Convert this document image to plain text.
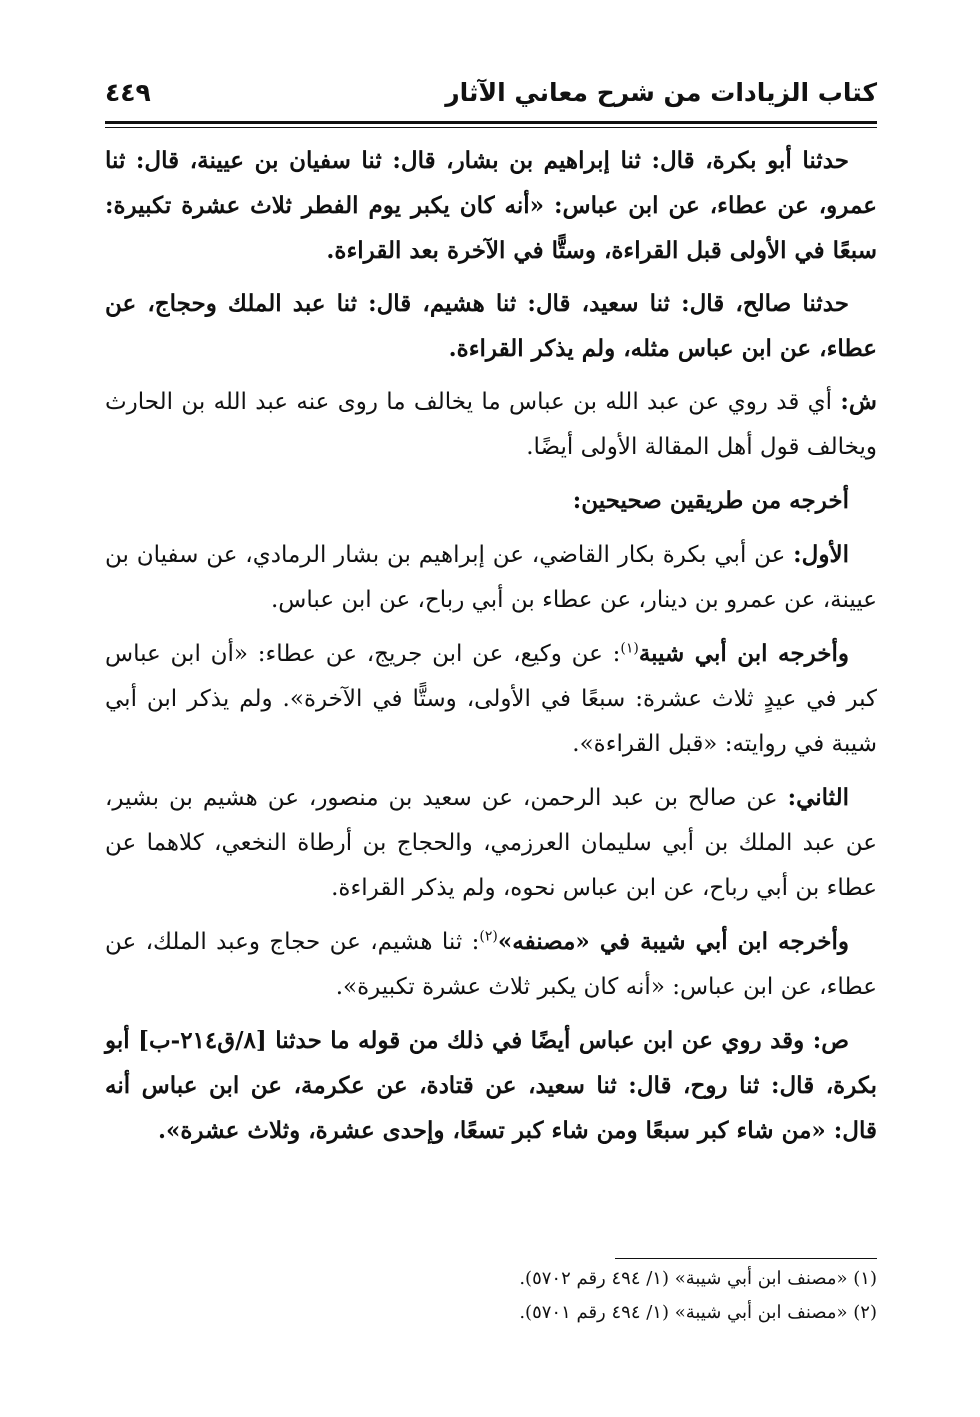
كتاب الزيادات من شرح معاني الآثار
٤٤٩

حدثنا أبو بكرة، قال: ثنا إبراهيم بن بشار، قال: ثنا سفيان بن عيينة، قال: ثنا عمرو، عن عطاء، عن ابن عباس: «أنه كان يكبر يوم الفطر ثلاث عشرة تكبيرة: سبعًا في الأولى قبل القراءة، وستًّا في الآخرة بعد القراءة.

حدثنا صالح، قال: ثنا سعيد، قال: ثنا هشيم، قال: ثنا عبد الملك وحجاج، عن عطاء، عن ابن عباس مثله، ولم يذكر القراءة.

ش: أي قد روي عن عبد الله بن عباس ما يخالف ما روى عنه عبد الله بن الحارث ويخالف قول أهل المقالة الأولى أيضًا.

أخرجه من طريقين صحيحين:

الأول: عن أبي بكرة بكار القاضي، عن إبراهيم بن بشار الرمادي، عن سفيان بن عيينة، عن عمرو بن دينار، عن عطاء بن أبي رباح، عن ابن عباس.

وأخرجه ابن أبي شيبة$^{(١)}$: عن وكيع، عن ابن جريج، عن عطاء: «أن ابن عباس كبر في عيدٍ ثلاث عشرة: سبعًا في الأولى، وستًّا في الآخرة». ولم يذكر ابن أبي شيبة في روايته: «قبل القراءة».

الثاني: عن صالح بن عبد الرحمن، عن سعيد بن منصور، عن هشيم بن بشير، عن عبد الملك بن أبي سليمان العرزمي، والحجاج بن أرطاة النخعي، كلاهما عن عطاء بن أبي رباح، عن ابن عباس نحوه، ولم يذكر القراءة.

وأخرجه ابن أبي شيبة في «مصنفه»$^{(٢)}$: ثنا هشيم، عن حجاج وعبد الملك، عن عطاء، عن ابن عباس: «أنه كان يكبر ثلاث عشرة تكبيرة».

ص: وقد روي عن ابن عباس أيضًا في ذلك من قوله ما حدثنا [٨/ق٢١٤-ب] أبو بكرة، قال: ثنا روح، قال: ثنا سعيد، عن قتادة، عن عكرمة، عن ابن عباس أنه قال: «من شاء كبر سبعًا ومن شاء كبر تسعًا، وإحدى عشرة، وثلاث عشرة».

(١) «مصنف ابن أبي شيبة» (١/ ٤٩٤ رقم ٥٧٠٢).
(٢) «مصنف ابن أبي شيبة» (١/ ٤٩٤ رقم ٥٧٠١).
